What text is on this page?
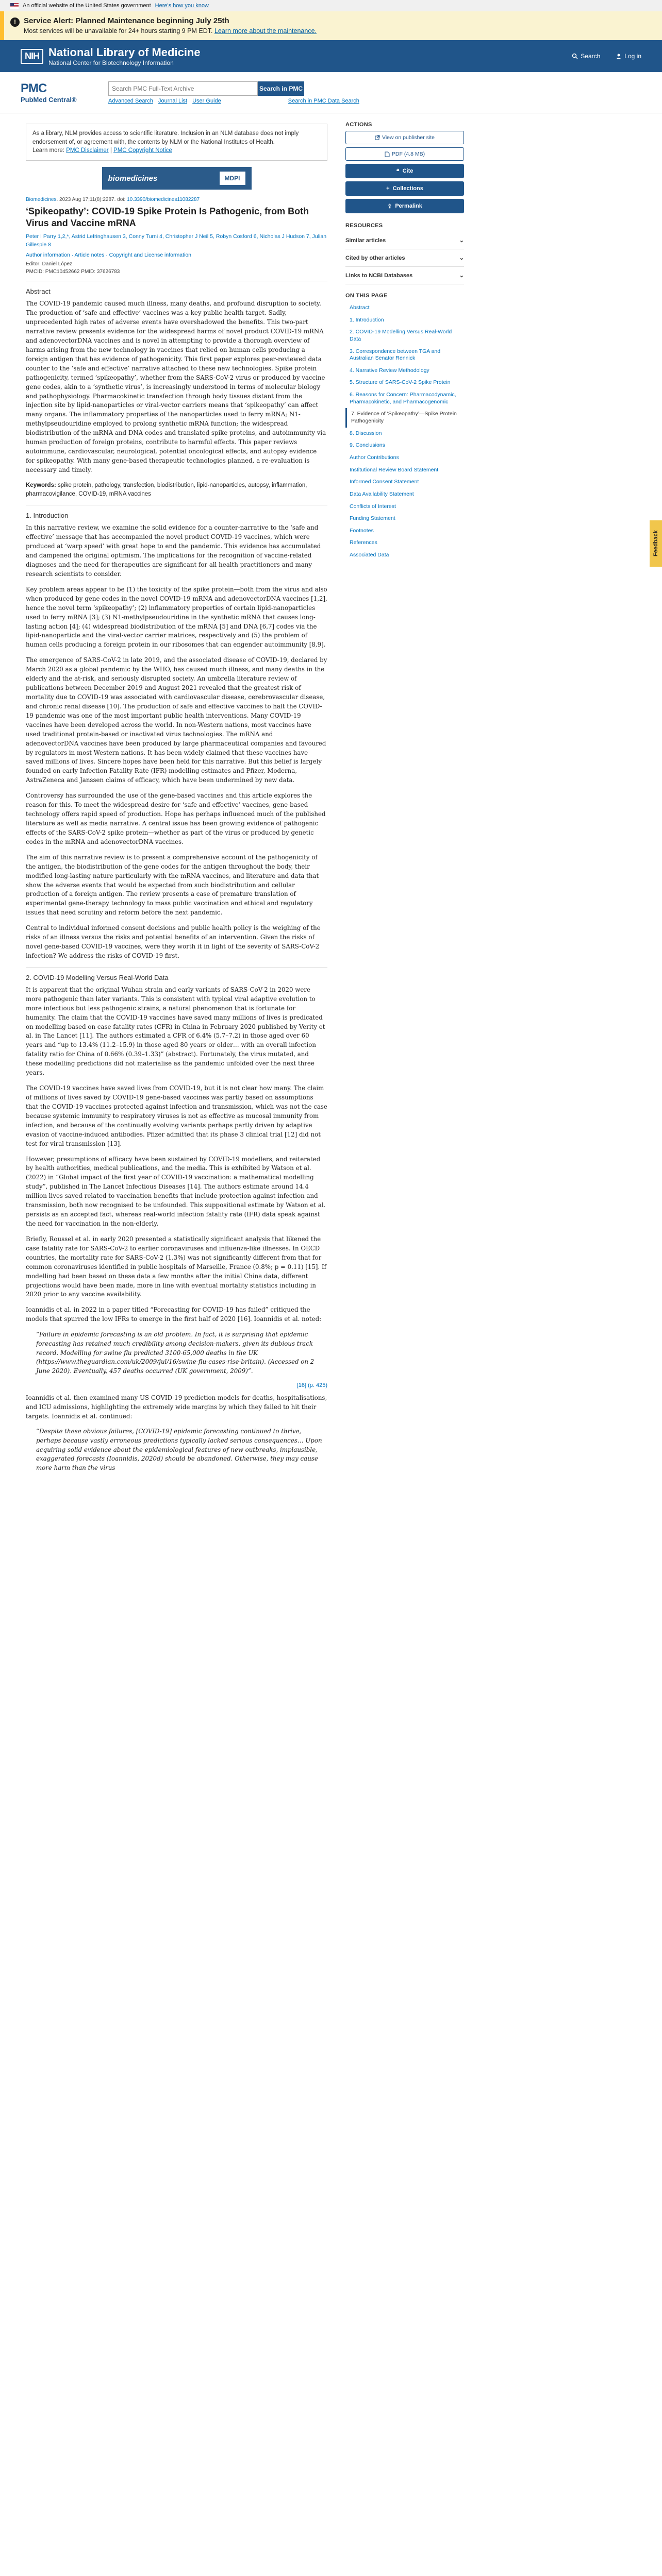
An official website of the United States government Here's how you know
! Service Alert: Planned Maintenance beginning July 25th

Most services will be unavailable for 24+ hours starting 9 PM EDT. Learn more about the maintenance.

NIH National Library of Medicine
National Center for Biotechnology Information
Search	Log in
PMC
PubMed Central®
Search PMC Full-Text Archive
Search in PMC
Advanced Search Journal List User Guide	Search in PMC Data Search
As a library, NLM provides access to scientific literature. Inclusion in an NLM database does not imply endorsement of, or agreement with, the contents by NLM or the National Institutes of Health.
Learn more: PMC Disclaimer | PMC Copyright Notice
biomedicines	MDPI
Biomedicines. 2023 Aug 17;11(8):2287. doi: 10.3390/biomedicines11082287
‘Spikeopathy’: COVID-19 Spike Protein Is Pathogenic, from Both Virus and Vaccine mRNA
Peter I Parry 1,2,*, Astrid Lefringhausen 3, Conny Turni 4, Christopher J Neil 5, Robyn Cosford 6, Nicholas J Hudson 7, Julian Gillespie 8
Author information · Article notes · Copyright and License information
Editor: Daniel López
PMCID: PMC10452662 PMID: 37626783
Abstract

The COVID-19 pandemic caused much illness, many deaths, and profound disruption to society. The production of ‘safe and effective’ vaccines was a key public health target. Sadly, unprecedented high rates of adverse events have overshadowed the benefits. This two-part narrative review presents evidence for the widespread harms of novel product COVID-19 mRNA and adenovectorDNA vaccines and is novel in attempting to provide a thorough overview of harms arising from the new technology in vaccines that relied on human cells producing a foreign antigen that has evidence of pathogenicity. This first paper explores peer-reviewed data counter to the ‘safe and effective’ narrative attached to these new technologies. Spike protein pathogenicity, termed ‘spikeopathy’, whether from the SARS-CoV-2 virus or produced by vaccine gene codes, akin to a ‘synthetic virus’, is increasingly understood in terms of molecular biology and pathophysiology. Pharmacokinetic transfection through body tissues distant from the injection site by lipid-nanoparticles or viral-vector carriers means that ‘spikeopathy’ can affect many organs. The inflammatory properties of the nanoparticles used to ferry mRNA; N1-methylpseudouridine employed to prolong synthetic mRNA function; the widespread biodistribution of the mRNA and DNA codes and translated spike proteins, and autoimmunity via human production of foreign proteins, contribute to harmful effects. This paper reviews autoimmune, cardiovascular, neurological, potential oncological effects, and autopsy evidence for spikeopathy. With many gene-based therapeutic technologies planned, a re-evaluation is necessary and timely.

Keywords: spike protein, pathology, transfection, biodistribution, lipid-nanoparticles, autopsy, inflammation, pharmacovigilance, COVID-19, mRNA vaccines

1. Introduction

In this narrative review, we examine the solid evidence for a counter-narrative to the ‘safe and effective’ message that has accompanied the novel product COVID-19 vaccines, which were produced at ‘warp speed’ with great hope to end the pandemic. This evidence has accumulated and dampened the original optimism. The implications for the recognition of vaccine-related diagnoses and the need for therapeutics are significant for all health practitioners and many research scientists to consider.

Key problem areas appear to be (1) the toxicity of the spike protein—both from the virus and also when produced by gene codes in the novel COVID-19 mRNA and adenovectorDNA vaccines [1,2], hence the novel term ‘spikeopathy’; (2) inflammatory properties of certain lipid-nanoparticles used to ferry mRNA [3]; (3) N1-methylpseudouridine in the synthetic mRNA that causes long-lasting action [4]; (4) widespread biodistribution of the mRNA [5] and DNA [6,7] codes via the lipid-nanoparticle and the viral-vector carrier matrices, respectively and (5) the problem of human cells producing a foreign protein in our ribosomes that can engender autoimmunity [8,9].

The emergence of SARS-CoV-2 in late 2019, and the associated disease of COVID-19, declared by March 2020 as a global pandemic by the WHO, has caused much illness, and many deaths in the elderly and the at-risk, and seriously disrupted society. An umbrella literature review of publications between December 2019 and August 2021 revealed that the greatest risk of mortality due to COVID-19 was associated with cardiovascular disease, cerebrovascular disease, and chronic renal disease [10]. The production of safe and effective vaccines to halt the COVID-19 pandemic was one of the most important public health interventions. Many COVID-19 vaccines have been developed across the world. In non-Western nations, most vaccines have used traditional protein-based or inactivated virus technologies. The mRNA and adenovectorDNA vaccines have been produced by large pharmaceutical companies and favoured by regulators in most Western nations. It has been widely claimed that these vaccines have saved millions of lives. Sincere hopes have been held for this narrative. But this belief is largely founded on early Infection Fatality Rate (IFR) modelling estimates and Pfizer, Moderna, AstraZeneca and Janssen claims of efficacy, which have been undermined by new data.

Controversy has surrounded the use of the gene-based vaccines and this article explores the reason for this. To meet the widespread desire for ‘safe and effective’ vaccines, gene-based technology offers rapid speed of production. Hope has perhaps influenced much of the published literature as well as media narrative. A central issue has been growing evidence of pathogenic effects of the SARS-CoV-2 spike protein—whether as part of the virus or produced by genetic codes in the mRNA and adenovectorDNA vaccines.

The aim of this narrative review is to present a comprehensive account of the pathogenicity of the antigen, the biodistribution of the gene codes for the antigen throughout the body, their modified long-lasting nature particularly with the mRNA vaccines, and literature and data that show the adverse events that would be expected from such biodistribution and cellular production of a foreign antigen. The review presents a case of premature translation of experimental gene-therapy technology to mass public vaccination and ethical and regulatory issues that need scrutiny and reform before the next pandemic.

Central to individual informed consent decisions and public health policy is the weighing of the risks of an illness versus the risks and potential benefits of an intervention. Given the risks of novel gene-based COVID-19 vaccines, were they worth it in light of the severity of SARS-CoV-2 infection? We address the risks of COVID-19 first.

2. COVID-19 Modelling Versus Real-World Data

It is apparent that the original Wuhan strain and early variants of SARS-CoV-2 in 2020 were more pathogenic than later variants. This is consistent with typical viral adaptive evolution to more infectious but less pathogenic strains, a natural phenomenon that is fortunate for humanity. The claim that the COVID-19 vaccines have saved many millions of lives is predicated on modelling based on case fatality rates (CFR) in China in February 2020 published by Verity et al. in The Lancet [11]. The authors estimated a CFR of 6.4% (5.7–7.2) in those aged over 60 years and “up to 13.4% (11.2–15.9) in those aged 80 years or older… with an overall infection fatality ratio for China of 0.66% (0.39–1.33)” (abstract). Fortunately, the virus mutated, and these modelling predictions did not materialise as the pandemic unfolded over the next three years.

The COVID-19 vaccines have saved lives from COVID-19, but it is not clear how many. The claim of millions of lives saved by COVID-19 gene-based vaccines was partly based on assumptions that the COVID-19 vaccines protected against infection and transmission, which was not the case because systemic immunity to respiratory viruses is not as effective as mucosal immunity from infection, and because of the continually evolving variants perhaps partly driven by adaptive evasion of vaccine-induced antibodies. Pfizer admitted that its phase 3 clinical trial [12] did not test for viral transmission [13].

However, presumptions of efficacy have been sustained by COVID-19 modellers, and reiterated by health authorities, medical publications, and the media. This is exhibited by Watson et al. (2022) in “Global impact of the first year of COVID-19 vaccination: a mathematical modelling study”, published in The Lancet Infectious Diseases [14]. The authors estimate around 14.4 million lives saved related to vaccination benefits that include protection against infection and transmission, both now recognised to be unfounded. This suppositional estimate by Watson et al. persists as an accepted fact, whereas real-world infection fatality rate (IFR) data speak against the need for vaccination in the non-elderly.

Briefly, Roussel et al. in early 2020 presented a statistically significant analysis that likened the case fatality rate for SARS-CoV-2 to earlier coronaviruses and influenza-like illnesses. In OECD countries, the mortality rate for SARS-CoV-2 (1.3%) was not significantly different from that for common coronaviruses identified in public hospitals of Marseille, France (0.8%; p = 0.11) [15]. If modelling had been based on these data a few months after the initial China data, different projections would have been made, more in line with eventual mortality statistics including in 2020 prior to any vaccine availability.

Ioannidis et al. in 2022 in a paper titled “Forecasting for COVID-19 has failed” critiqued the models that spurred the low IFRs to emerge in the first half of 2020 [16]. Ioannidis et al. noted:

“Failure in epidemic forecasting is an old problem. In fact, it is surprising that epidemic forecasting has retained much credibility among decision-makers, given its dubious track record. Modelling for swine flu predicted 3100-65,000 deaths in the UK (https://www.theguardian.com/uk/2009/jul/16/swine-flu-cases-rise-britain). (Accessed on 2 June 2020). Eventually, 457 deaths occurred (UK government, 2009)”.
[16] (p. 425)

Ioannidis et al. then examined many US COVID-19 prediction models for deaths, hospitalisations, and ICU admissions, highlighting the extremely wide margins by which they failed to hit their targets. Ioannidis et al. continued:

“Despite these obvious failures, [COVID-19] epidemic forecasting continued to thrive, perhaps because vastly erroneous predictions typically lacked serious consequences… Upon acquiring solid evidence about the epidemiological features of new outbreaks, implausible, exaggerated forecasts (Ioannidis, 2020d) should be abandoned. Otherwise, they may cause more harm than the virus
ACTIONS
View on publisher site
PDF (4.8 MB)
❝ Cite
+ Collections
⇪ Permalink
RESOURCES
Similar articles	⌄
Cited by other articles	⌄
Links to NCBI Databases	⌄
ON THIS PAGE
Abstract
1. Introduction
2. COVID-19 Modelling Versus Real-World Data
3. Correspondence between TGA and Australian Senator Rennick
4. Narrative Review Methodology
5. Structure of SARS-CoV-2 Spike Protein
6. Reasons for Concern: Pharmacodynamic, Pharmacokinetic, and Pharmacogenomic
7. Evidence of ‘Spikeopathy’—Spike Protein Pathogenicity
8. Discussion
9. Conclusions
Author Contributions
Institutional Review Board Statement
Informed Consent Statement
Data Availability Statement
Conflicts of Interest
Funding Statement
Footnotes
References
Associated Data	Feedback
